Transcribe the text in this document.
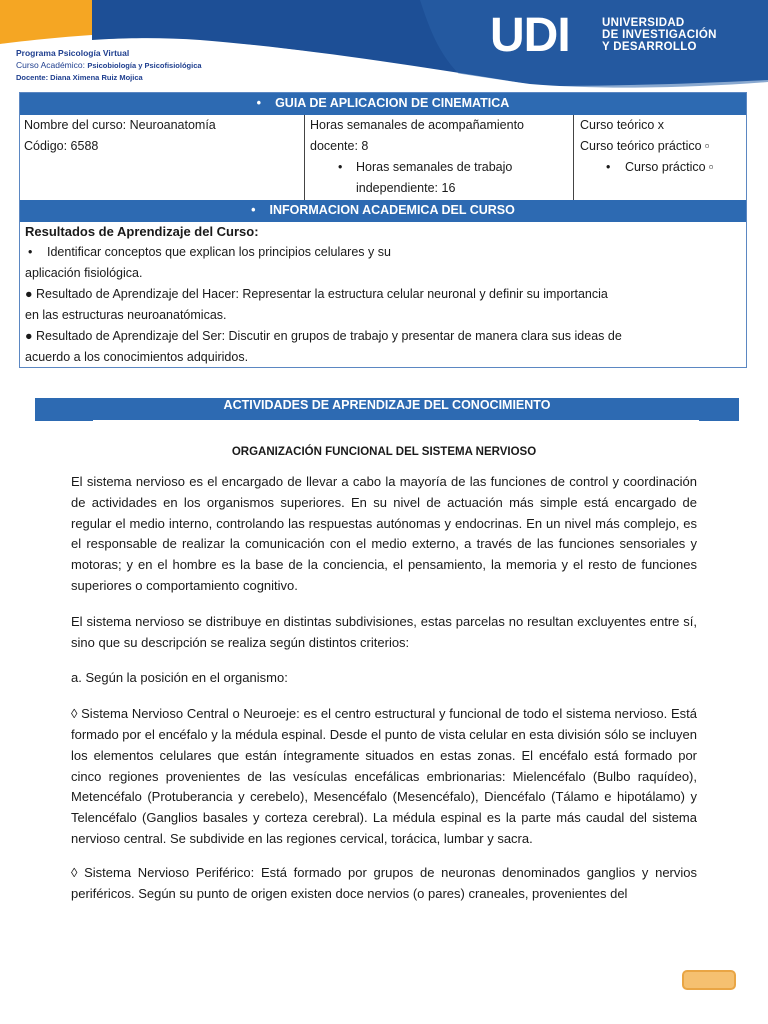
UDI	UNIVERSIDAD
DE INVESTIGACIÓN
Y DESARROLLO
Programa Psicología Virtual
Curso Académico: Psicobiología y Psicofisiológica
Docente: Diana Ximena Ruiz Mojica
• GUIA DE APLICACION DE CINEMATICA
Nombre del curso: Neuroanatomía
Código: 6588
Horas semanales de acompañamiento
docente: 8
• Horas semanales de trabajo
independiente: 16
Curso teórico x
Curso teórico práctico ▫
• Curso práctico ▫
• INFORMACION ACADEMICA DEL CURSO
Resultados de Aprendizaje del Curso:
• Identificar conceptos que explican los principios celulares y su
aplicación fisiológica.
● Resultado de Aprendizaje del Hacer: Representar la estructura celular neuronal y definir su importancia
en las estructuras neuroanatómicas.
● Resultado de Aprendizaje del Ser: Discutir en grupos de trabajo y presentar de manera clara sus ideas de
acuerdo a los conocimientos adquiridos.
ACTIVIDADES DE APRENDIZAJE DEL CONOCIMIENTO
ORGANIZACIÓN FUNCIONAL DEL SISTEMA NERVIOSO

El sistema nervioso es el encargado de llevar a cabo la mayoría de las funciones de control y coordinación de actividades en los organismos superiores. En su nivel de actuación más simple está encargado de regular el medio interno, controlando las respuestas autónomas y endocrinas. En un nivel más complejo, es el responsable de realizar la comunicación con el medio externo, a través de las funciones sensoriales y motoras; y en el hombre es la base de la conciencia, el pensamiento, la memoria y el resto de funciones superiores o comportamiento cognitivo.

El sistema nervioso se distribuye en distintas subdivisiones, estas parcelas no resultan excluyentes entre sí, sino que su descripción se realiza según distintos criterios:

a. Según la posición en el organismo:

◊ Sistema Nervioso Central o Neuroeje: es el centro estructural y funcional de todo el sistema nervioso. Está formado por el encéfalo y la médula espinal. Desde el punto de vista celular en esta división sólo se incluyen los elementos celulares que están íntegramente situados en estas zonas. El encéfalo está formado por cinco regiones provenientes de las vesículas encefálicas embrionarias: Mielencéfalo (Bulbo raquídeo), Metencéfalo (Protuberancia y cerebelo), Mesencéfalo (Mesencéfalo), Diencéfalo (Tálamo e hipotálamo) y Telencéfalo (Ganglios basales y corteza cerebral). La médula espinal es la parte más caudal del sistema nervioso central. Se subdivide en las regiones cervical, torácica, lumbar y sacra.

◊ Sistema Nervioso Periférico: Está formado por grupos de neuronas denominados ganglios y nervios periféricos. Según su punto de origen existen doce nervios (o pares) craneales, provenientes del
